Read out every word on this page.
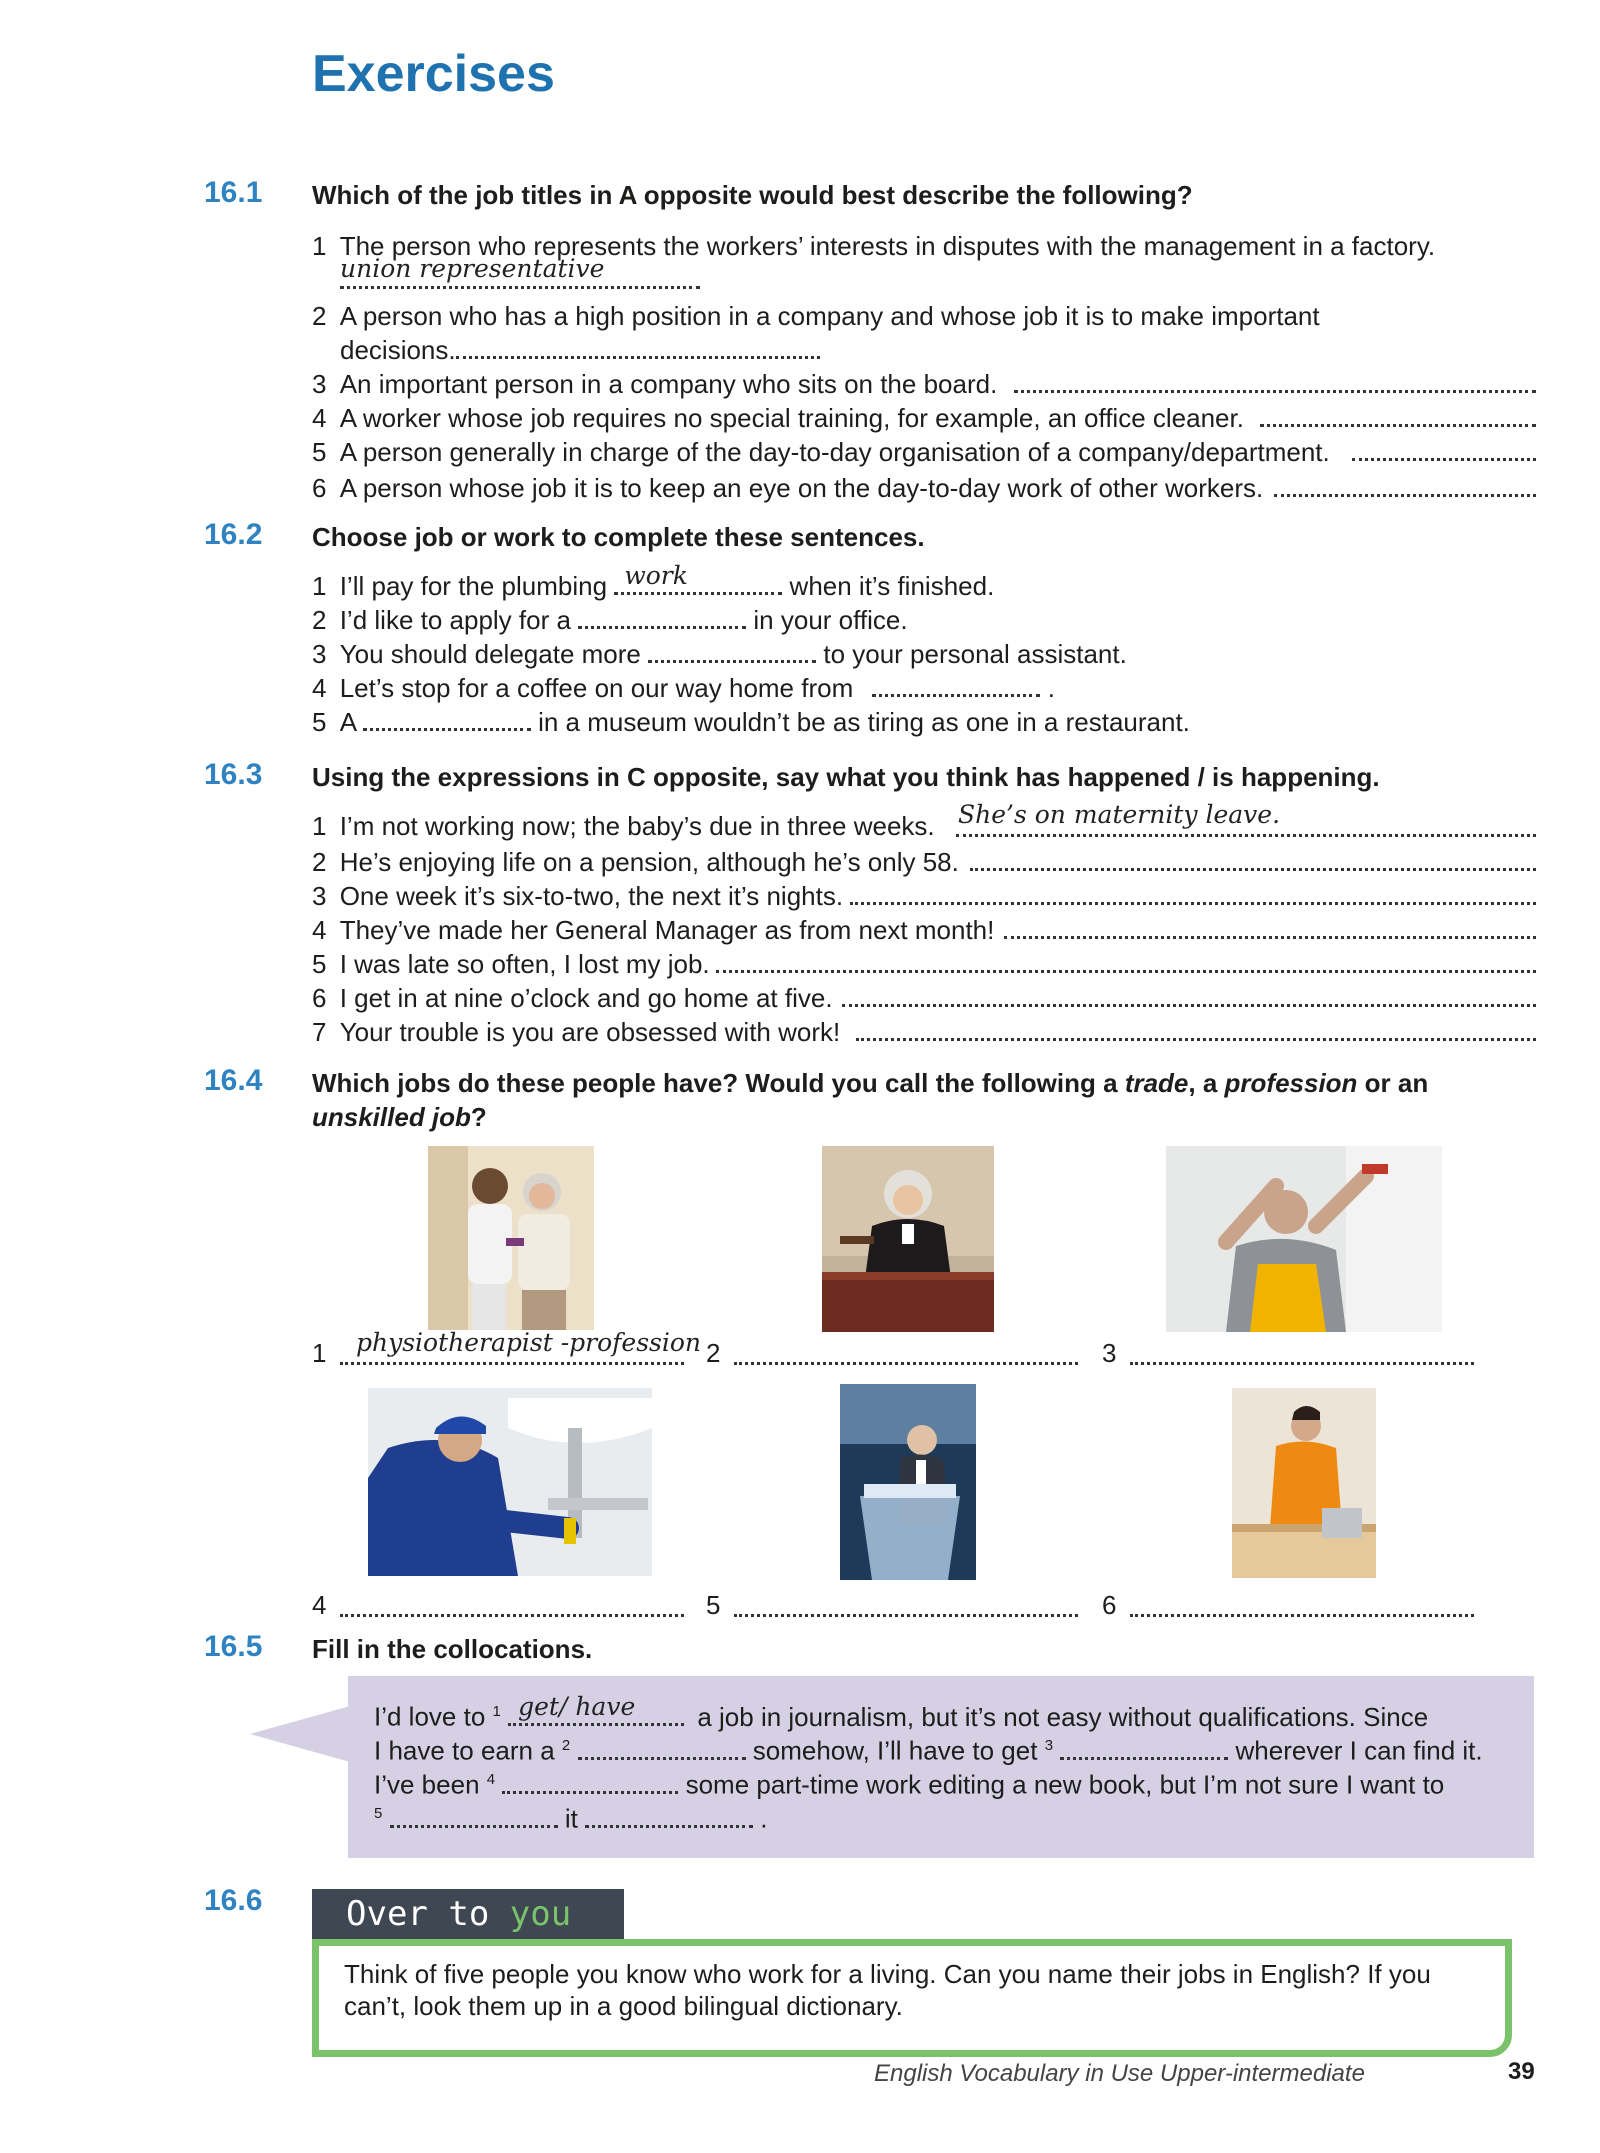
Exercises
16.1 Which of the job titles in A opposite would best describe the following?
1 The person who represents the workers’ interests in disputes with the management in a factory.
union representative
2 A person who has a high position in a company and whose job it is to make important
decisions.
3 An important person in a company who sits on the board.
4 A worker whose job requires no special training, for example, an office cleaner.
5 A person generally in charge of the day-to-day organisation of a company/department.
6 A person whose job it is to keep an eye on the day-to-day work of other workers.
16.2 Choose job or work to complete these sentences.
1 I’ll pay for the plumbing work	when it’s finished.
2 I’d like to apply for a	in your office.
3 You should delegate more	to your personal assistant.
4 Let’s stop for a coffee on our way home from	.
5 A	in a museum wouldn’t be as tiring as one in a restaurant.
16.3 Using the expressions in C opposite, say what you think has happened / is happening.
1 I’m not working now; the baby’s due in three weeks. She’s on maternity leave.
2 He’s enjoying life on a pension, although he’s only 58.
3 One week it’s six-to-two, the next it’s nights.
4 They’ve made her General Manager as from next month!
5 I was late so often, I lost my job.
6 I get in at nine o’clock and go home at five.
7 Your trouble is you are obsessed with work!
16.4 Which jobs do these people have? Would you call the following a trade, a profession or an
unskilled job?
1 physiotherapist -profession 2	3
4	5	6
16.5 Fill in the collocations.
I’d love to $^1$ get/ have a job in journalism, but it’s not easy without qualifications. Since
I have to earn a $^2$	somehow, I’ll have to get $^3$	wherever I can find it.
I’ve been $^4$	some part-time work editing a new book, but I’m not sure I want to
$^5$	it	.
16.6 Over to you
Think of five people you know who work for a living. Can you name their jobs in English? If you
can’t, look them up in a good bilingual dictionary.
English Vocabulary in Use Upper-intermediate	39
